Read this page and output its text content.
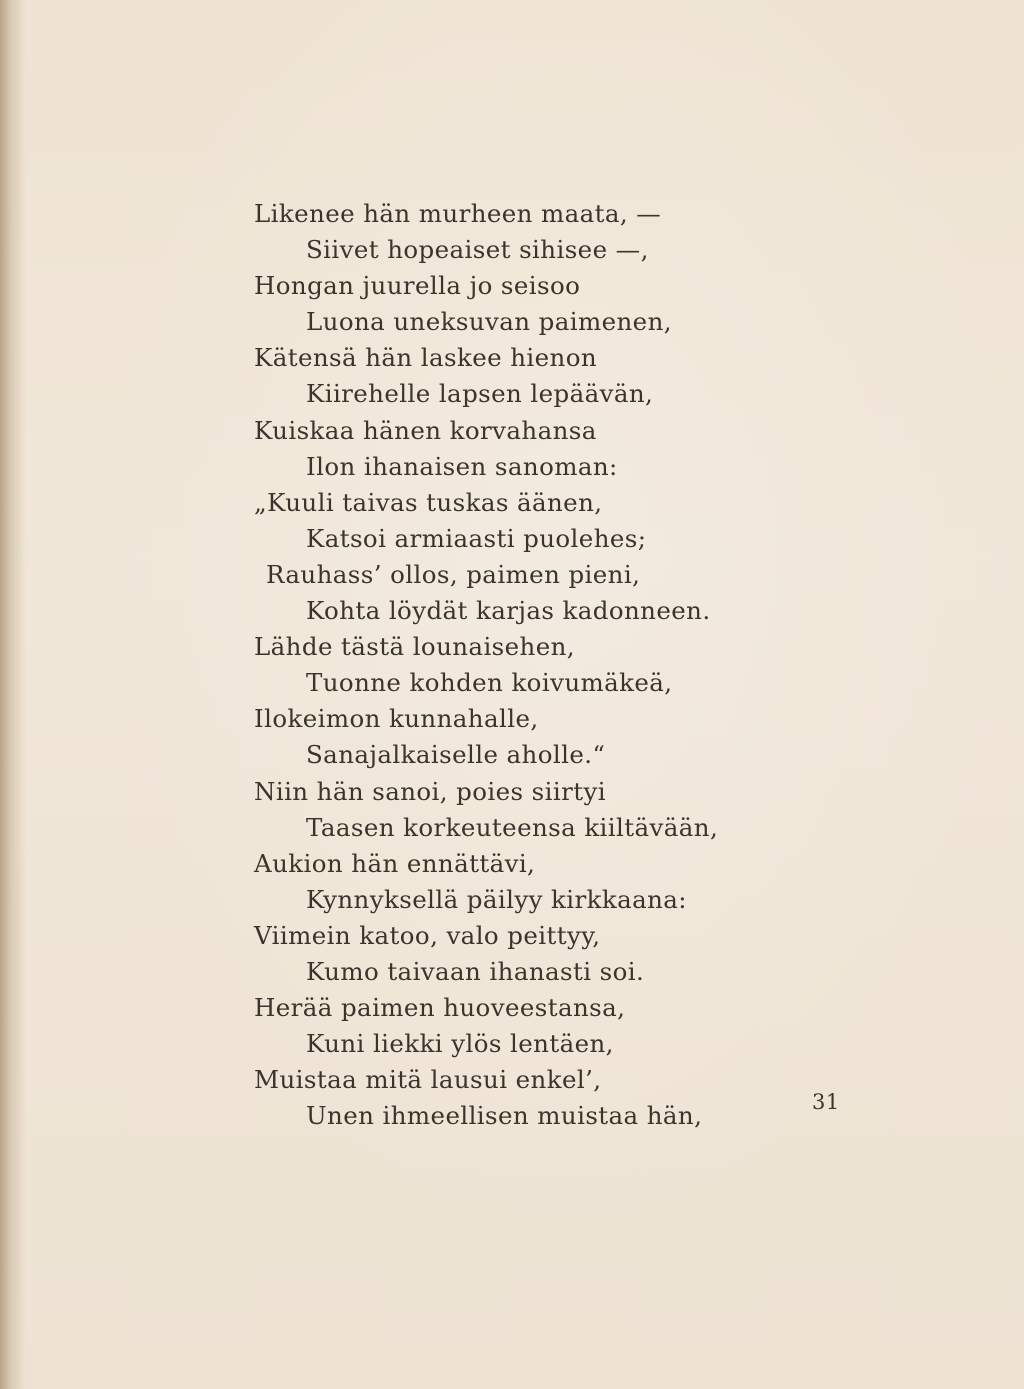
Likenee hän murheen maata, —
Siivet hopeaiset sihisee —,
Hongan juurella jo seisoo
Luona uneksuvan paimenen,
Kätensä hän laskee hienon
Kiirehelle lapsen lepäävän,
Kuiskaa hänen korvahansa
Ilon ihanaisen sanoman:
„Kuuli taivas tuskas äänen,
Katsoi armiaasti puolehes;
Rauhass’ ollos, paimen pieni,
Kohta löydät karjas kadonneen.
Lähde tästä lounaisehen,
Tuonne kohden koivumäkeä,
Ilokeimon kunnahalle,
Sanajalkaiselle aholle.“
Niin hän sanoi, poies siirtyi
Taasen korkeuteensa kiiltävään,
Aukion hän ennättävi,
Kynnyksellä päilyy kirkkaana:
Viimein katoo, valo peittyy,
Kumo taivaan ihanasti soi.
Herää paimen huoveestansa,
Kuni liekki ylös lentäen,
Muistaa mitä lausui enkel’,
Unen ihmeellisen muistaa hän,	31
